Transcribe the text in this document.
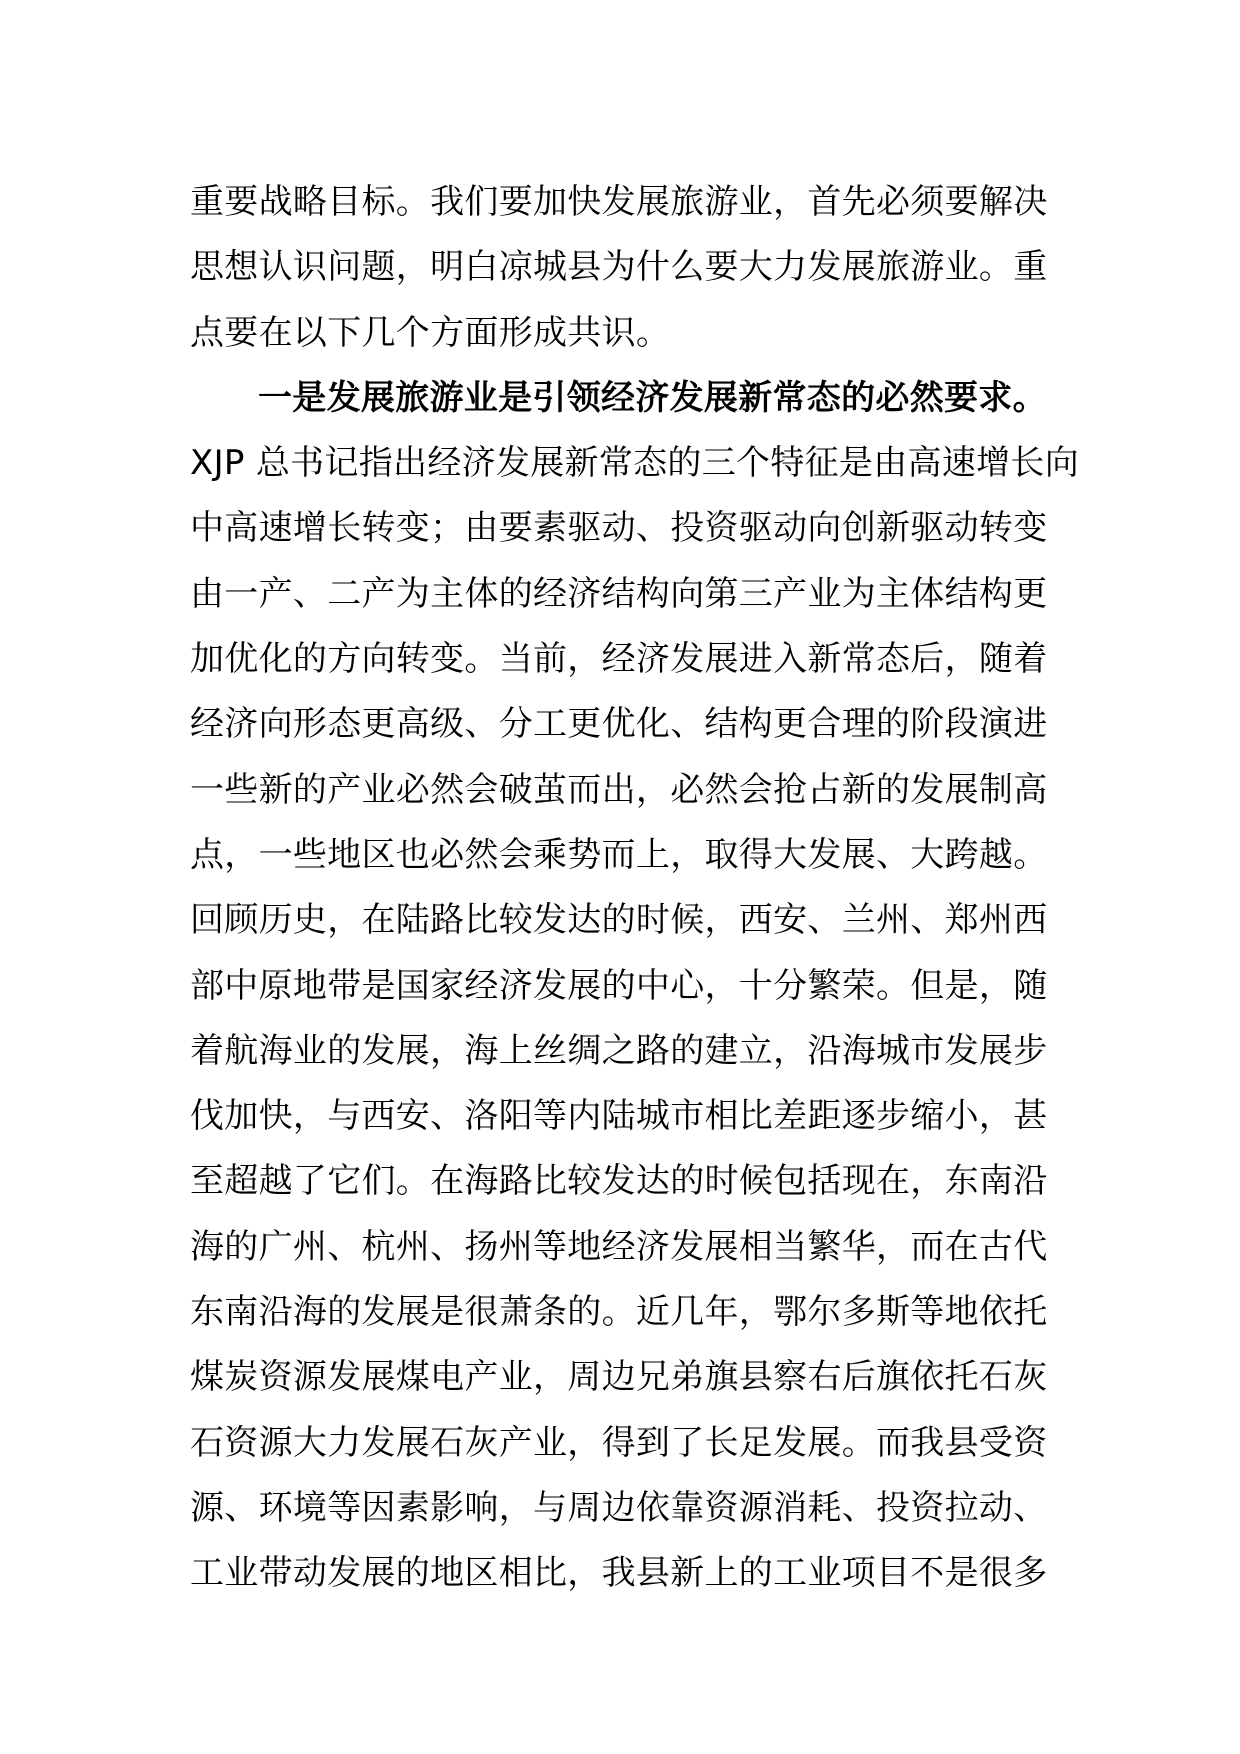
重要战略目标。我们要加快发展旅游业，首先必须要解决
思想认识问题，明白凉城县为什么要大力发展旅游业。重
点要在以下几个方面形成共识。
一是发展旅游业是引领经济发展新常态的必然要求。
XJP 总书记指出经济发展新常态的三个特征是由高速增长向
中高速增长转变；由要素驱动、投资驱动向创新驱动转变
由一产、二产为主体的经济结构向第三产业为主体结构更
加优化的方向转变。当前，经济发展进入新常态后，随着
经济向形态更高级、分工更优化、结构更合理的阶段演进
一些新的产业必然会破茧而出，必然会抢占新的发展制高
点，一些地区也必然会乘势而上，取得大发展、大跨越。
回顾历史，在陆路比较发达的时候，西安、兰州、郑州西
部中原地带是国家经济发展的中心，十分繁荣。但是，随
着航海业的发展，海上丝绸之路的建立，沿海城市发展步
伐加快，与西安、洛阳等内陆城市相比差距逐步缩小，甚
至超越了它们。在海路比较发达的时候包括现在，东南沿
海的广州、杭州、扬州等地经济发展相当繁华，而在古代
东南沿海的发展是很萧条的。近几年，鄂尔多斯等地依托
煤炭资源发展煤电产业，周边兄弟旗县察右后旗依托石灰
石资源大力发展石灰产业，得到了长足发展。而我县受资
源、环境等因素影响，与周边依靠资源消耗、投资拉动、
工业带动发展的地区相比，我县新上的工业项目不是很多
